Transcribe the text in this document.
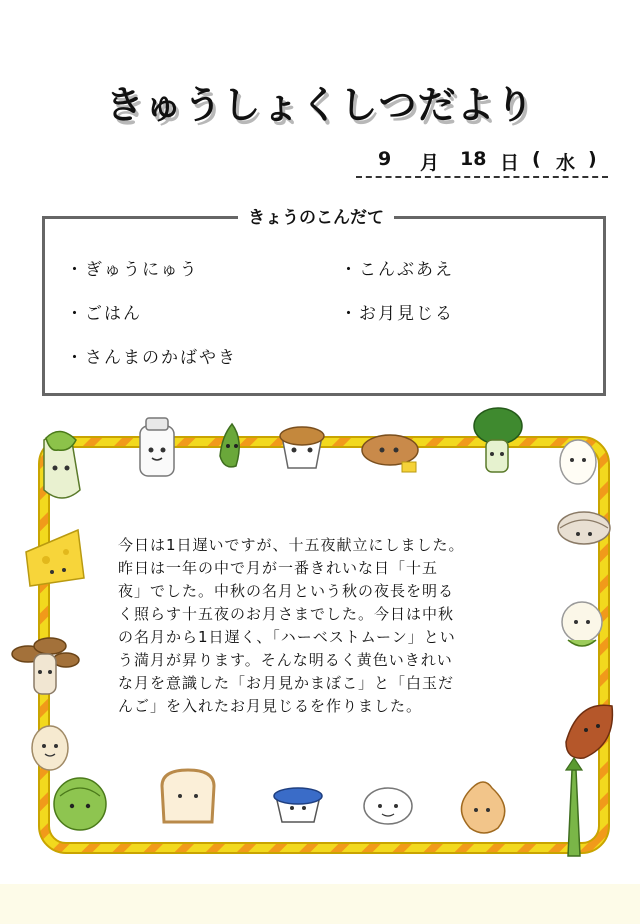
きゅうしょくしつだより
9 月 18 日 ( 水 )
きょうのこんだて
・ぎゅうにゅう
・ごはん
・さんまのかばやき
・こんぶあえ
・お月見じる
今日は1日遅いですが、十五夜献立にしました。
昨日は一年の中で月が一番きれいな日「十五
夜」でした。中秋の名月という秋の夜長を明る
く照らす十五夜のお月さまでした。今日は中秋
の名月から1日遅く、「ハーベストムーン」とい
う満月が昇ります。そんな明るく黄色いきれい
な月を意識した「お月見かまぼこ」と「白玉だ
んご」を入れたお月見じるを作りました。
